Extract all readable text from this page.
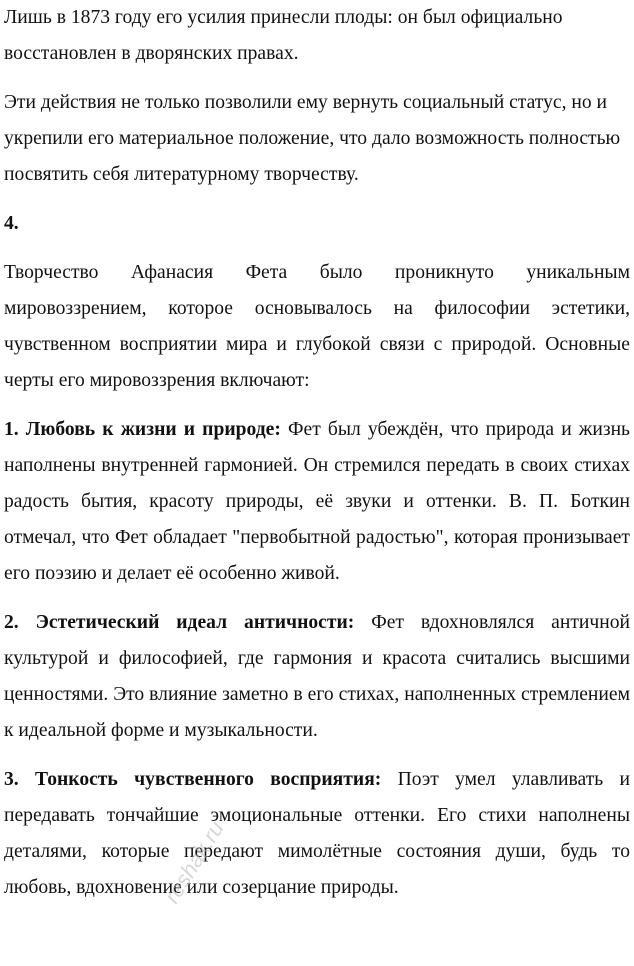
Лишь в 1873 году его усилия принесли плоды: он был официально восстановлен в дворянских правах.

Эти действия не только позволили ему вернуть социальный статус, но и укрепили его материальное положение, что дало возможность полностью посвятить себя литературному творчеству.

4.

Творчество Афанасия Фета было проникнуто уникальным мировоззрением, которое основывалось на философии эстетики, чувственном восприятии мира и глубокой связи с природой. Основные черты его мировоззрения включают:

1. Любовь к жизни и природе: Фет был убеждён, что природа и жизнь наполнены внутренней гармонией. Он стремился передать в своих стихах радость бытия, красоту природы, её звуки и оттенки. В. П. Боткин отмечал, что Фет обладает "первобытной радостью", которая пронизывает его поэзию и делает её особенно живой.

2. Эстетический идеал античности: Фет вдохновлялся античной культурой и философией, где гармония и красота считались высшими ценностями. Это влияние заметно в его стихах, наполненных стремлением к идеальной форме и музыкальности.

3. Тонкость чувственного восприятия: Поэт умел улавливать и передавать тончайшие эмоциональные оттенки. Его стихи наполнены деталями, которые передают мимолётные состояния души, будь то любовь, вдохновение или созерцание природы.

reshak.ru
